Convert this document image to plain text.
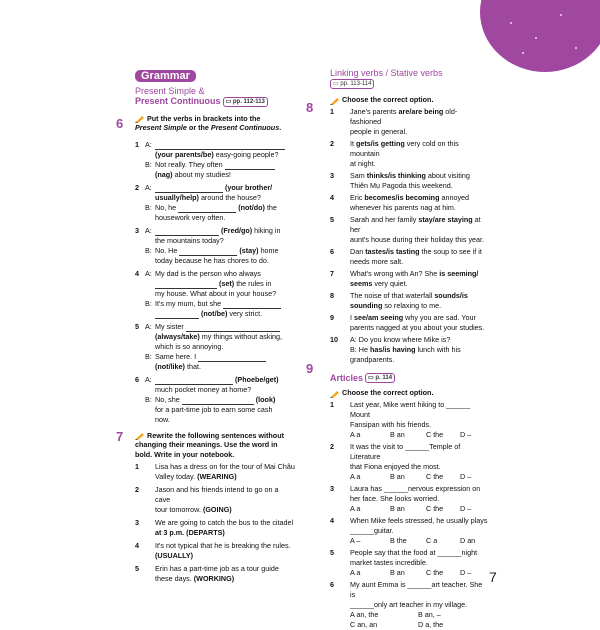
6
7
Grammar
Present Simple &
Present Continuous ▭ pp. 112-113
Put the verbs in brackets into the
Present Simple or the Present Continuous.
1 A:
(your parents/be) easy-going people?
B: Not really. They often
(nag) about my studies!
2 A:	(your brother/
usually/help) around the house?
B: No, he	(not/do) the
housework very often.
3 A:	(Fred/go) hiking in
the mountains today?
B: No. He	(stay) home
today because he has chores to do.
4 A: My dad is the person who always
(set) the rules in
my house. What about in your house?
B: It's my mum, but she
(not/be) very strict.
5 A: My sister
(always/take) my things without asking,
which is so annoying.
B: Same here. I
(not/like) that.
6 A:	(Phoebe/get)
much pocket money at home?
B: No, she	(look)
for a part-time job to earn some cash
now.
Rewrite the following sentences without
changing their meanings. Use the word in
bold. Write in your notebook.
1	Lisa has a dress on for the tour of Mai Châu
Valley today. (WEARING)
2	Jason and his friends intend to go on a cave
tour tomorrow. (GOING)
3	We are going to catch the bus to the citadel
at 3 p.m. (DEPARTS)
4	It's not typical that he is breaking the rules. (USUALLY)
5	Erin has a part-time job as a tour guide
these days. (WORKING)
8
9
Linking verbs / Stative verbs
▭ pp. 113-114
Choose the correct option.
1	Jane's parents are/are being old-fashioned
people in general.
2	It gets/is getting very cold on this mountain
at night.
3	Sam thinks/is thinking about visiting
Thiên Mụ Pagoda this weekend.
4	Eric becomes/is becoming annoyed
whenever his parents nag at him.
5	Sarah and her family stay/are staying at her
aunt's house during their holiday this year.
6	Dan tastes/is tasting the soup to see if it
needs more salt.
7	What's wrong with An? She is seeming/
seems very quiet.
8	The noise of that waterfall sounds/is
sounding so relaxing to me.
9	I see/am seeing why you are sad. Your
parents nagged at you about your studies.
10	A: Do you know where Mike is?
B: He has/is having lunch with his
grandparents.
Articles ▭ p. 114
Choose the correct option.
1	Last year, Mike went hiking to ______ Mount
Fansipan with his friends.
A a	B an	C the D –
2	It was the visit to ______Temple of Literature
that Fiona enjoyed the most.
A a	B an	C the D –
3	Laura has ______nervous expression on
her face. She looks worried.
A a	B an	C the D –
4	When Mike feels stressed, he usually plays
______guitar.
A –	B the	C a	D an
5	People say that the food at ______night
market tastes incredible.
A a	B an	C the D –
6	My aunt Emma is ______art teacher. She is
______only art teacher in my village.
A an, the	B an, –
C an, an	D a, the
7
